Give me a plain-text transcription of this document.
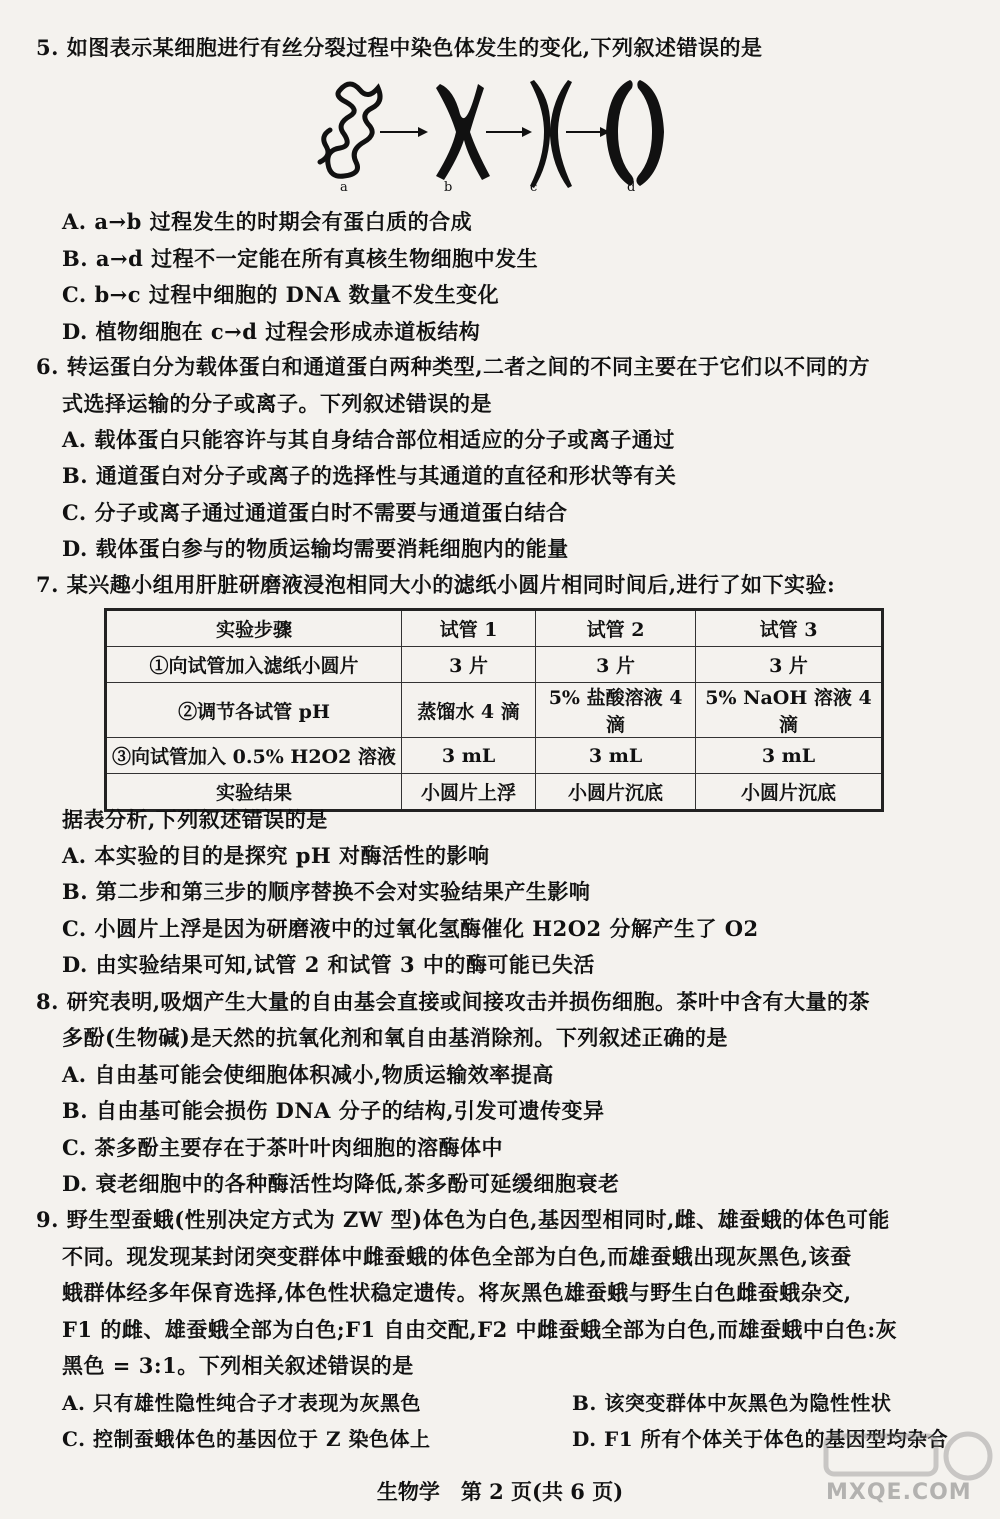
5. 如图表示某细胞进行有丝分裂过程中染色体发生的变化,下列叙述错误的是
a	b	c	d
A. a→b 过程发生的时期会有蛋白质的合成
B. a→d 过程不一定能在所有真核生物细胞中发生
C. b→c 过程中细胞的 DNA 数量不发生变化
D. 植物细胞在 c→d 过程会形成赤道板结构
6. 转运蛋白分为载体蛋白和通道蛋白两种类型,二者之间的不同主要在于它们以不同的方
式选择运输的分子或离子。下列叙述错误的是
A. 载体蛋白只能容许与其自身结合部位相适应的分子或离子通过
B. 通道蛋白对分子或离子的选择性与其通道的直径和形状等有关
C. 分子或离子通过通道蛋白时不需要与通道蛋白结合
D. 载体蛋白参与的物质运输均需要消耗细胞内的能量
7. 某兴趣小组用肝脏研磨液浸泡相同大小的滤纸小圆片相同时间后,进行了如下实验:
实验步骤	试管 1	试管 2	试管 3
①向试管加入滤纸小圆片	3 片	3 片	3 片
②调节各试管 pH	蒸馏水 4 滴	5% 盐酸溶液 4 滴	5% NaOH 溶液 4 滴
③向试管加入 0.5% H2O2 溶液	3 mL	3 mL	3 mL
实验结果	小圆片上浮	小圆片沉底	小圆片沉底
据表分析,下列叙述错误的是
A. 本实验的目的是探究 pH 对酶活性的影响
B. 第二步和第三步的顺序替换不会对实验结果产生影响
C. 小圆片上浮是因为研磨液中的过氧化氢酶催化 H2O2 分解产生了 O2
D. 由实验结果可知,试管 2 和试管 3 中的酶可能已失活
8. 研究表明,吸烟产生大量的自由基会直接或间接攻击并损伤细胞。茶叶中含有大量的茶
多酚(生物碱)是天然的抗氧化剂和氧自由基消除剂。下列叙述正确的是
A. 自由基可能会使细胞体积减小,物质运输效率提高
B. 自由基可能会损伤 DNA 分子的结构,引发可遗传变异
C. 茶多酚主要存在于茶叶叶肉细胞的溶酶体中
D. 衰老细胞中的各种酶活性均降低,茶多酚可延缓细胞衰老
9. 野生型蚕蛾(性别决定方式为 ZW 型)体色为白色,基因型相同时,雌、雄蚕蛾的体色可能
不同。现发现某封闭突变群体中雌蚕蛾的体色全部为白色,而雄蚕蛾出现灰黑色,该蚕
蛾群体经多年保育选择,体色性状稳定遗传。将灰黑色雄蚕蛾与野生白色雌蚕蛾杂交,
F1 的雌、雄蚕蛾全部为白色;F1 自由交配,F2 中雌蚕蛾全部为白色,而雄蚕蛾中白色:灰
黑色 = 3:1。下列相关叙述错误的是
A. 只有雄性隐性纯合子才表现为灰黑色	B. 该突变群体中灰黑色为隐性性状
C. 控制蚕蛾体色的基因位于 Z 染色体上	D. F1 所有个体关于体色的基因型均杂合
生物学　第 2 页(共 6 页)	MXQE.COM
